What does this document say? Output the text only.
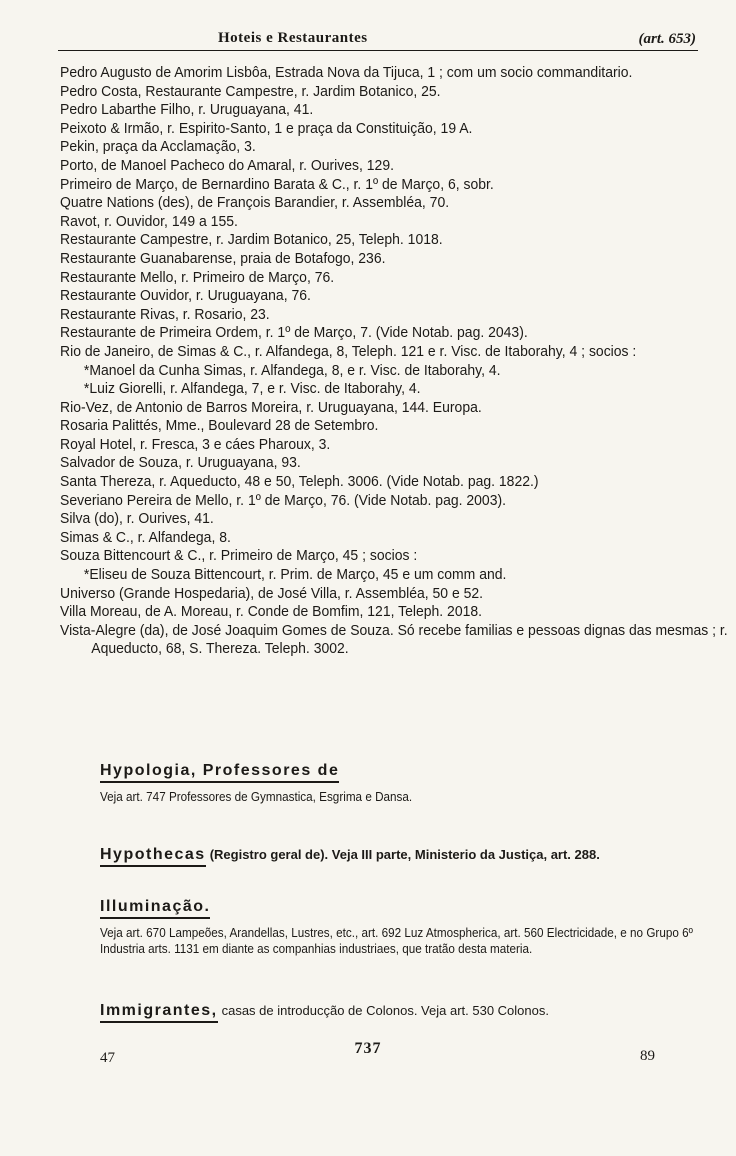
Hoteis e Restaurantes	(art. 653)
Pedro Augusto de Amorim Lisbôa, Estrada Nova da Tijuca, 1 ; com um socio commanditario.
Pedro Costa, Restaurante Campestre, r. Jardim Botanico, 25.
Pedro Labarthe Filho, r. Uruguayana, 41.
Peixoto & Irmão, r. Espirito-Santo, 1 e praça da Constituição, 19 A.
Pekin, praça da Acclamação, 3.
Porto, de Manoel Pacheco do Amaral, r. Ourives, 129.
Primeiro de Março, de Bernardino Barata & C., r. 1º de Março, 6, sobr.
Quatre Nations (des), de François Barandier, r. Assembléa, 70.
Ravot, r. Ouvidor, 149 a 155.
Restaurante Campestre, r. Jardim Botanico, 25, Teleph. 1018.
Restaurante Guanabarense, praia de Botafogo, 236.
Restaurante Mello, r. Primeiro de Março, 76.
Restaurante Ouvidor, r. Uruguayana, 76.
Restaurante Rivas, r. Rosario, 23.
Restaurante de Primeira Ordem, r. 1º de Março, 7. (Vide Notab. pag. 2043).
Rio de Janeiro, de Simas & C., r. Alfandega, 8, Teleph. 121 e r. Visc. de Itaborahy, 4 ; socios :
*Manoel da Cunha Simas, r. Alfandega, 8, e r. Visc. de Itaborahy, 4.
*Luiz Giorelli, r. Alfandega, 7, e r. Visc. de Itaborahy, 4.
Rio-Vez, de Antonio de Barros Moreira, r. Uruguayana, 144. Europa.
Rosaria Palittés, Mme., Boulevard 28 de Setembro.
Royal Hotel, r. Fresca, 3 e cáes Pharoux, 3.
Salvador de Souza, r. Uruguayana, 93.
Santa Thereza, r. Aqueducto, 48 e 50, Teleph. 3006. (Vide Notab. pag. 1822.)
Severiano Pereira de Mello, r. 1º de Março, 76. (Vide Notab. pag. 2003).
Silva (do), r. Ourives, 41.
Simas & C., r. Alfandega, 8.
Souza Bittencourt & C., r. Primeiro de Março, 45 ; socios :
*Eliseu de Souza Bittencourt, r. Prim. de Março, 45 e um comm and.
Universo (Grande Hospedaria), de José Villa, r. Assembléa, 50 e 52.
Villa Moreau, de A. Moreau, r. Conde de Bomfim, 121, Teleph. 2018.
Vista-Alegre (da), de José Joaquim Gomes de Souza. Só recebe familias e pessoas dignas das mesmas ; r. Aqueducto, 68, S. Thereza. Teleph. 3002.
Hypologia, Professores de
Veja art. 747 Professores de Gymnastica, Esgrima e Dansa.
Hypothecas (Registro geral de). Veja III parte, Ministerio da Justiça, art. 288.
Illuminação.
Veja art. 670 Lampeões, Arandellas, Lustres, etc., art. 692 Luz Atmospherica, art. 560 Electricidade, e no Grupo 6º Industria arts. 1131 em diante as companhias industriaes, que tratão desta materia.
Immigrantes, casas de introducção de Colonos. Veja art. 530 Colonos.
737
47	89
